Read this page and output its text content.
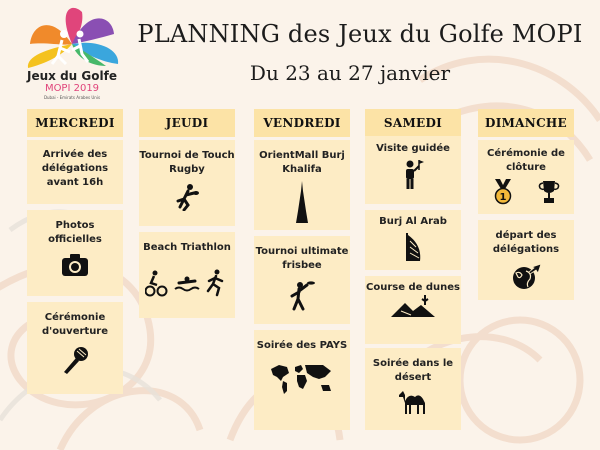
Jeux du Golfe
MOPI 2019
Dubai - Emirats Arabes Unis
PLANNING des Jeux du Golfe MOPI
Du 23 au 27 janvier
MERCREDI
Arrivée des délégations avant 16h
Photos officielles
Cérémonie d'ouverture
JEUDI
Tournoi de Touch Rugby
Beach Triathlon
VENDREDI
OrientMall Burj Khalifa
Tournoi ultimate frisbee
Soirée des PAYS
SAMEDI
Visite guidée
Burj Al Arab
Course de dunes
Soirée dans le désert
DIMANCHE
Cérémonie de clôture
1
départ des délégations
